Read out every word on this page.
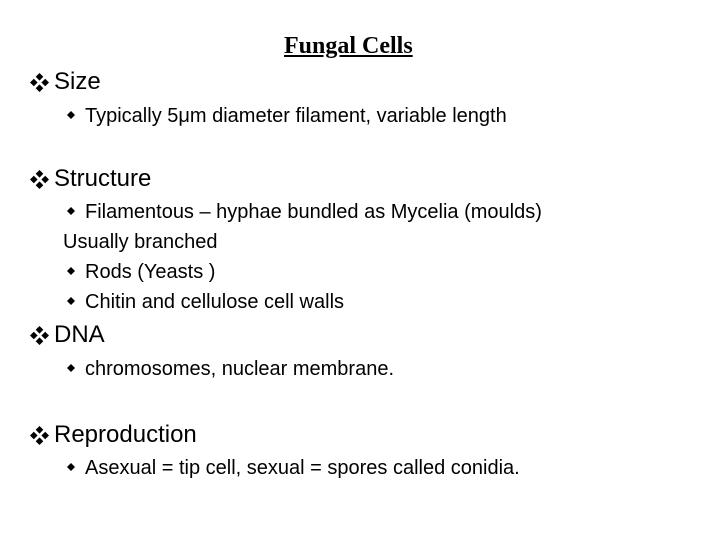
Fungal Cells
Size
Typically 5μm diameter filament, variable length
Structure
Filamentous – hyphae bundled as Mycelia (moulds)
Usually branched
Rods (Yeasts )
Chitin and cellulose cell walls
DNA
chromosomes, nuclear membrane.
Reproduction
Asexual = tip cell, sexual = spores called conidia.
